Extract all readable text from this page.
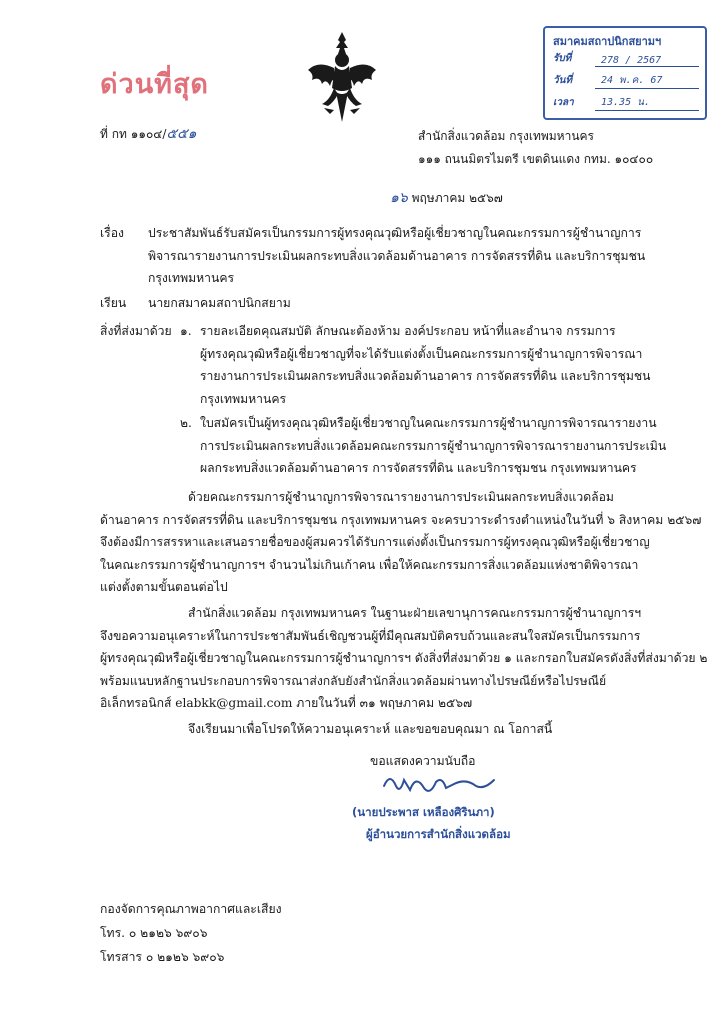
ด่วนที่สุด
สมาคมสถาปนิกสยามฯ
รับที่	278 / 2567
วันที่	24 พ.ค. 67
เวลา	13.35 น.
ที่ กท ๑๑๐๔/๕๕๑	สำนักสิ่งแวดล้อม กรุงเทพมหานคร
๑๑๑ ถนนมิตรไมตรี เขตดินแดง กทม. ๑๐๔๐๐
๑๖ พฤษภาคม ๒๕๖๗
เรื่อง ประชาสัมพันธ์รับสมัครเป็นกรรมการผู้ทรงคุณวุฒิหรือผู้เชี่ยวชาญในคณะกรรมการผู้ชำนาญการ
พิจารณารายงานการประเมินผลกระทบสิ่งแวดล้อมด้านอาคาร การจัดสรรที่ดิน และบริการชุมชน
กรุงเทพมหานคร
เรียน นายกสมาคมสถาปนิกสยาม
สิ่งที่ส่งมาด้วย ๑. รายละเอียดคุณสมบัติ ลักษณะต้องห้าม องค์ประกอบ หน้าที่และอำนาจ กรรมการ
ผู้ทรงคุณวุฒิหรือผู้เชี่ยวชาญที่จะได้รับแต่งตั้งเป็นคณะกรรมการผู้ชำนาญการพิจารณา
รายงานการประเมินผลกระทบสิ่งแวดล้อมด้านอาคาร การจัดสรรที่ดิน และบริการชุมชน
กรุงเทพมหานคร
๒. ใบสมัครเป็นผู้ทรงคุณวุฒิหรือผู้เชี่ยวชาญในคณะกรรมการผู้ชำนาญการพิจารณารายงาน
การประเมินผลกระทบสิ่งแวดล้อมคณะกรรมการผู้ชำนาญการพิจารณารายงานการประเมิน
ผลกระทบสิ่งแวดล้อมด้านอาคาร การจัดสรรที่ดิน และบริการชุมชน กรุงเทพมหานคร
ด้วยคณะกรรมการผู้ชำนาญการพิจารณารายงานการประเมินผลกระทบสิ่งแวดล้อม
ด้านอาคาร การจัดสรรที่ดิน และบริการชุมชน กรุงเทพมหานคร จะครบวาระดำรงตำแหน่งในวันที่ ๖ สิงหาคม ๒๕๖๗
จึงต้องมีการสรรหาและเสนอรายชื่อของผู้สมควรได้รับการแต่งตั้งเป็นกรรมการผู้ทรงคุณวุฒิหรือผู้เชี่ยวชาญ
ในคณะกรรมการผู้ชำนาญการฯ จำนวนไม่เกินเก้าคน เพื่อให้คณะกรรมการสิ่งแวดล้อมแห่งชาติพิจารณา
แต่งตั้งตามขั้นตอนต่อไป
สำนักสิ่งแวดล้อม กรุงเทพมหานคร ในฐานะฝ่ายเลขานุการคณะกรรมการผู้ชำนาญการฯ
จึงขอความอนุเคราะห์ในการประชาสัมพันธ์เชิญชวนผู้ที่มีคุณสมบัติครบถ้วนและสนใจสมัครเป็นกรรมการ
ผู้ทรงคุณวุฒิหรือผู้เชี่ยวชาญในคณะกรรมการผู้ชำนาญการฯ ดังสิ่งที่ส่งมาด้วย ๑ และกรอกใบสมัครดังสิ่งที่ส่งมาด้วย ๒
พร้อมแนบหลักฐานประกอบการพิจารณาส่งกลับยังสำนักสิ่งแวดล้อมผ่านทางไปรษณีย์หรือไปรษณีย์
อิเล็กทรอนิกส์ elabkk@gmail.com ภายในวันที่ ๓๑ พฤษภาคม ๒๕๖๗
จึงเรียนมาเพื่อโปรดให้ความอนุเคราะห์ และขอขอบคุณมา ณ โอกาสนี้
ขอแสดงความนับถือ
(นายประพาส เหลืองศิรินภา)
ผู้อำนวยการสำนักสิ่งแวดล้อม
กองจัดการคุณภาพอากาศและเสียง
โทร. ๐ ๒๑๒๖ ๖๙๐๖
โทรสาร ๐ ๒๑๒๖ ๖๙๐๖
